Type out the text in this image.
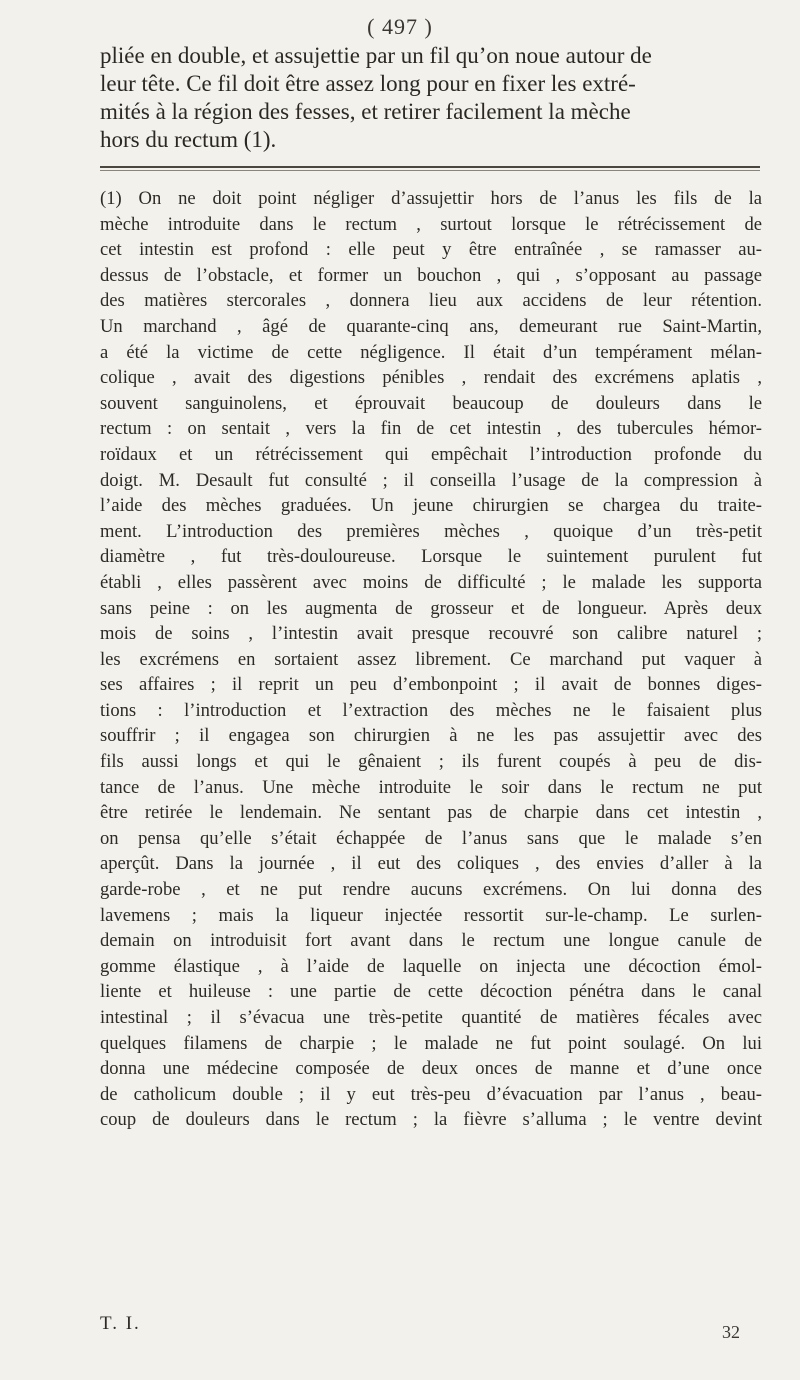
( 497 )
pliée en double, et assujettie par un fil qu’on noue autour de
leur tête. Ce fil doit être assez long pour en fixer les extré-
mités à la région des fesses, et retirer facilement la mèche
hors du rectum (1).
(1) On ne doit point négliger d’assujettir hors de l’anus les fils de la
mèche introduite dans le rectum , surtout lorsque le rétrécissement de
cet intestin est profond : elle peut y être entraînée , se ramasser au-
dessus de l’obstacle, et former un bouchon , qui , s’opposant au passage
des matières stercorales , donnera lieu aux accidens de leur rétention.
Un marchand , âgé de quarante-cinq ans, demeurant rue Saint-Martin,
a été la victime de cette négligence. Il était d’un tempérament mélan-
colique , avait des digestions pénibles , rendait des excrémens aplatis ,
souvent sanguinolens, et éprouvait beaucoup de douleurs dans le
rectum : on sentait , vers la fin de cet intestin , des tubercules hémor-
roïdaux et un rétrécissement qui empêchait l’introduction profonde du
doigt. M. Desault fut consulté ; il conseilla l’usage de la compression à
l’aide des mèches graduées. Un jeune chirurgien se chargea du traite-
ment. L’introduction des premières mèches , quoique d’un très-petit
diamètre , fut très-douloureuse. Lorsque le suintement purulent fut
établi , elles passèrent avec moins de difficulté ; le malade les supporta
sans peine : on les augmenta de grosseur et de longueur. Après deux
mois de soins , l’intestin avait presque recouvré son calibre naturel ;
les excrémens en sortaient assez librement. Ce marchand put vaquer à
ses affaires ; il reprit un peu d’embonpoint ; il avait de bonnes diges-
tions : l’introduction et l’extraction des mèches ne le faisaient plus
souffrir ; il engagea son chirurgien à ne les pas assujettir avec des
fils aussi longs et qui le gênaient ; ils furent coupés à peu de dis-
tance de l’anus. Une mèche introduite le soir dans le rectum ne put
être retirée le lendemain. Ne sentant pas de charpie dans cet intestin ,
on pensa qu’elle s’était échappée de l’anus sans que le malade s’en
aperçût. Dans la journée , il eut des coliques , des envies d’aller à la
garde-robe , et ne put rendre aucuns excrémens. On lui donna des
lavemens ; mais la liqueur injectée ressortit sur-le-champ. Le surlen-
demain on introduisit fort avant dans le rectum une longue canule de
gomme élastique , à l’aide de laquelle on injecta une décoction émol-
liente et huileuse : une partie de cette décoction pénétra dans le canal
intestinal ; il s’évacua une très-petite quantité de matières fécales avec
quelques filamens de charpie ; le malade ne fut point soulagé. On lui
donna une médecine composée de deux onces de manne et d’une once
de catholicum double ; il y eut très-peu d’évacuation par l’anus , beau-
coup de douleurs dans le rectum ; la fièvre s’alluma ; le ventre devint
T. I.	32
